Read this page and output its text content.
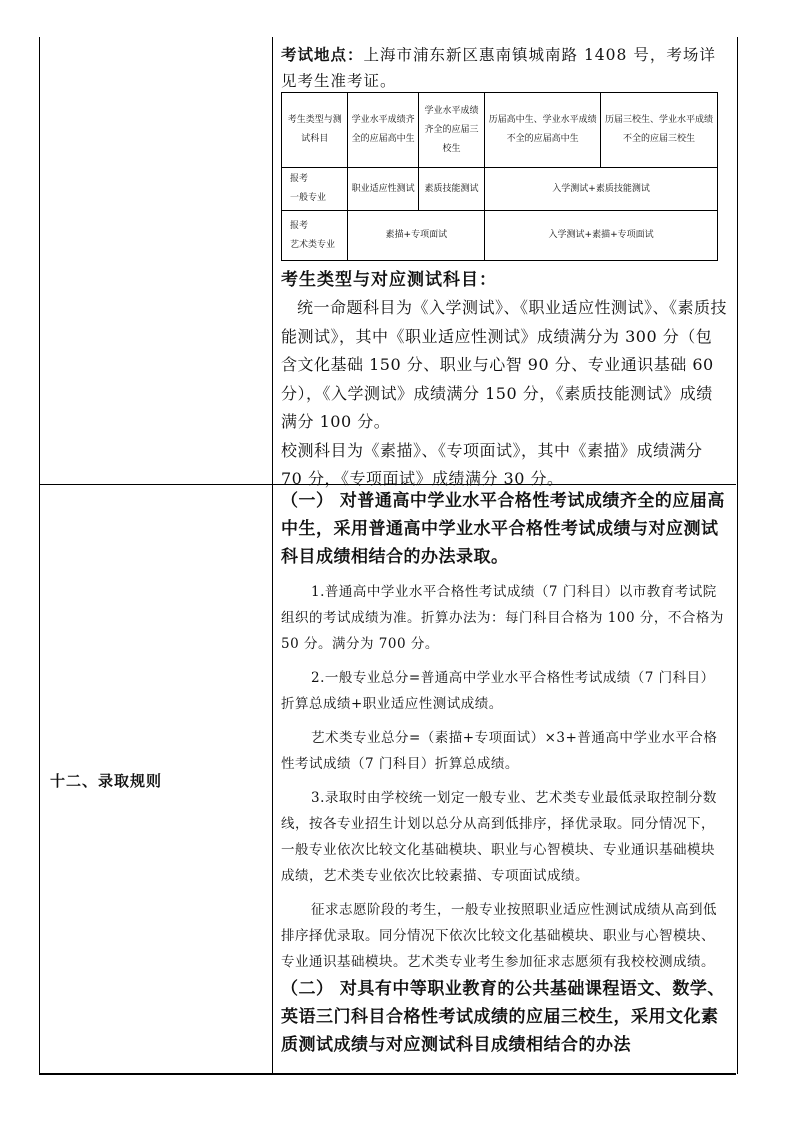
十二、录取规则

考试地点：上海市浦东新区惠南镇城南路 1408 号，考场详见考生准考证。

考生类型与测试科目	学业水平成绩齐全的应届高中生	学业水平成绩齐全的应届三校生	历届高中生、学业水平成绩不全的应届高中生	历届三校生、学业水平成绩不全的应届三校生

报考
一般专业	职业适应性测试	素质技能测试	入学测试+素质技能测试	

报考
艺术类专业	素描+专项面试		入学测试+素描+专项面试	

考生类型与对应测试科目：

统一命题科目为《入学测试》、《职业适应性测试》、《素质技能测试》，其中《职业适应性测试》成绩满分为 300 分（包含文化基础 150 分、职业与心智 90 分、专业通识基础 60 分），《入学测试》成绩满分 150 分，《素质技能测试》成绩满分 100 分。

校测科目为《素描》、《专项面试》，其中《素描》成绩满分 70 分，《专项面试》成绩满分 30 分。

（一） 对普通高中学业水平合格性考试成绩齐全的应届高中生，采用普通高中学业水平合格性考试成绩与对应测试科目成绩相结合的办法录取。

1.普通高中学业水平合格性考试成绩（7 门科目）以市教育考试院组织的考试成绩为准。折算办法为：每门科目合格为 100 分，不合格为 50 分。满分为 700 分。

2.一般专业总分=普通高中学业水平合格性考试成绩（7 门科目）折算总成绩+职业适应性测试成绩。

艺术类专业总分=（素描+专项面试）×3+普通高中学业水平合格性考试成绩（7 门科目）折算总成绩。

3.录取时由学校统一划定一般专业、艺术类专业最低录取控制分数线，按各专业招生计划以总分从高到低排序，择优录取。同分情况下，一般专业依次比较文化基础模块、职业与心智模块、专业通识基础模块成绩，艺术类专业依次比较素描、专项面试成绩。

征求志愿阶段的考生，一般专业按照职业适应性测试成绩从高到低排序择优录取。同分情况下依次比较文化基础模块、职业与心智模块、专业通识基础模块。艺术类专业考生参加征求志愿须有我校校测成绩。

（二） 对具有中等职业教育的公共基础课程语文、数学、英语三门科目合格性考试成绩的应届三校生，采用文化素质测试成绩与对应测试科目成绩相结合的办法
